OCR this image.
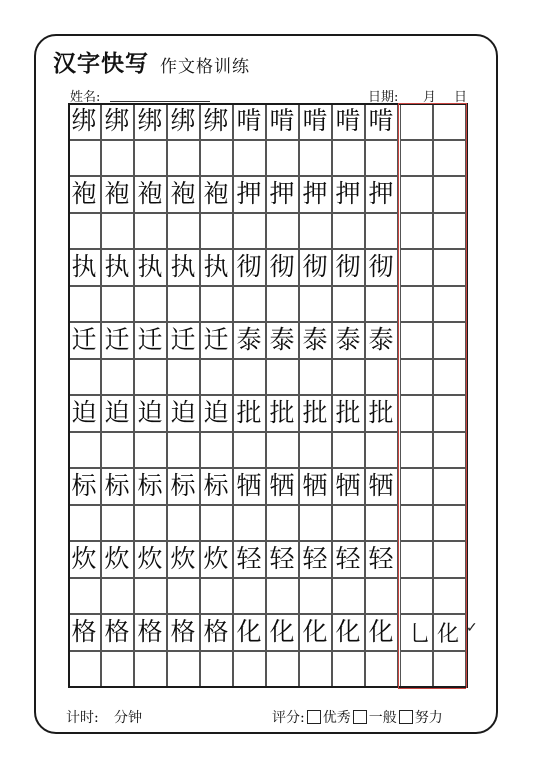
汉字快写 作文格训练
姓名:	日期: 月 日
绑 绑 绑 绑 绑 啃 啃 啃 啃 啃
袍 袍 袍 袍 袍 押 押 押 押 押
执 执 执 执 执 彻 彻 彻 彻 彻
迁 迁 迁 迁 迁 泰 泰 泰 泰 泰
迫 迫 迫 迫 迫 批 批 批 批 批
标 标 标 标 标 牺 牺 牺 牺 牺
炊 炊 炊 炊 炊 轻 轻 轻 轻 轻
格 格 格 格 格 化 化 化 化 化 乚 化 ✓
计时: 分钟	评分: 优秀 一般 努力
